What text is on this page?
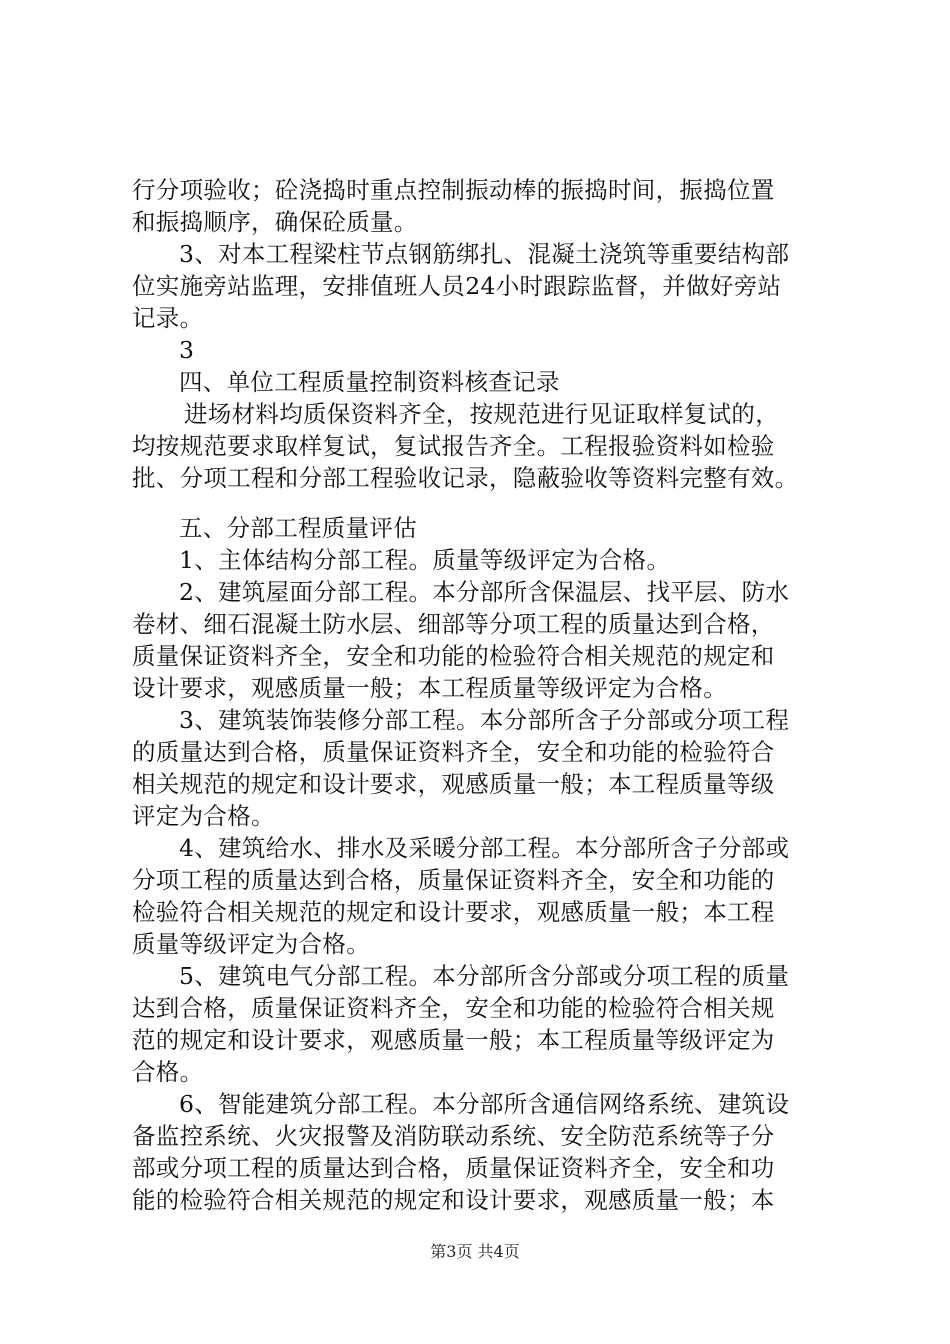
行分项验收；砼浇捣时重点控制振动棒的振捣时间，振捣位置
和振捣顺序，确保砼质量。
3、对本工程梁柱节点钢筋绑扎、混凝土浇筑等重要结构部
位实施旁站监理，安排值班人员24小时跟踪监督，并做好旁站
记录。
3
四、单位工程质量控制资料核查记录
进场材料均质保资料齐全，按规范进行见证取样复试的，
均按规范要求取样复试，复试报告齐全。工程报验资料如检验
批、分项工程和分部工程验收记录，隐蔽验收等资料完整有效。
五、分部工程质量评估
1、主体结构分部工程。质量等级评定为合格。
2、建筑屋面分部工程。本分部所含保温层、找平层、防水
卷材、细石混凝土防水层、细部等分项工程的质量达到合格，
质量保证资料齐全，安全和功能的检验符合相关规范的规定和
设计要求，观感质量一般；本工程质量等级评定为合格。
3、建筑装饰装修分部工程。本分部所含子分部或分项工程
的质量达到合格，质量保证资料齐全，安全和功能的检验符合
相关规范的规定和设计要求，观感质量一般；本工程质量等级
评定为合格。
4、建筑给水、排水及采暖分部工程。本分部所含子分部或
分项工程的质量达到合格，质量保证资料齐全，安全和功能的
检验符合相关规范的规定和设计要求，观感质量一般；本工程
质量等级评定为合格。
5、建筑电气分部工程。本分部所含分部或分项工程的质量
达到合格，质量保证资料齐全，安全和功能的检验符合相关规
范的规定和设计要求，观感质量一般；本工程质量等级评定为
合格。
6、智能建筑分部工程。本分部所含通信网络系统、建筑设
备监控系统、火灾报警及消防联动系统、安全防范系统等子分
部或分项工程的质量达到合格，质量保证资料齐全，安全和功
能的检验符合相关规范的规定和设计要求，观感质量一般；本
第3页 共4页
